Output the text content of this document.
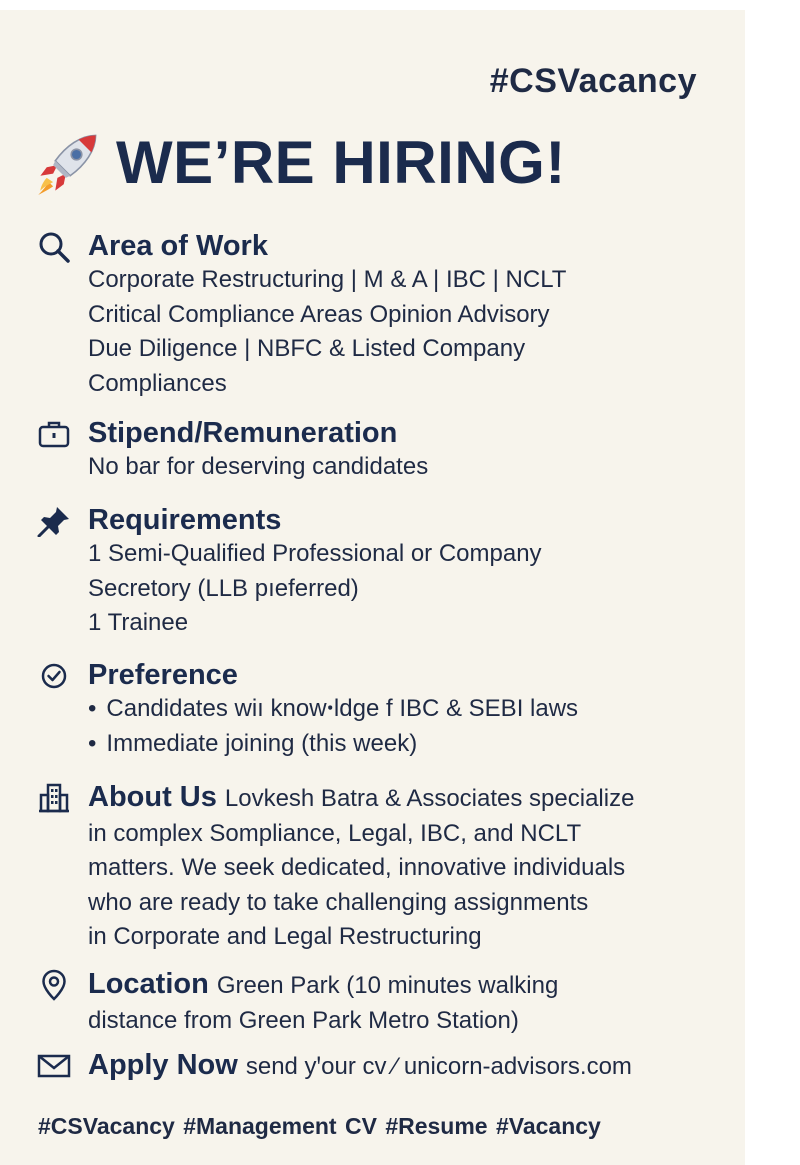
#CSVacancy
WE’RE HIRING!
Area of Work
Corporate Restructuring | M & A | IBC | NCLT
Critical Compliance Areas Opinion Advisory
Due Diligence | NBFC & Listed Company
Compliances
Stipend/Remuneration
No bar for deserving candidates
Requirements
1 Semi-Qualified Professional or Company
Secretory (LLB pıeferred)
1 Trainee
Preference
• Candidates wiı knowꞏldge f IBC & SEBI laws
• Immediate joining (this week)
About Us Lovkesh Batra & Associates specialize
in complex Sompliance, Legal, IBC, and NCLT
matters. We seek dedicated, innovative individuals
who are ready to take challenging assignments
in Corporate and Legal Restructuring
Location Green Park (10 minutes walking
distance from Green Park Metro Station)
Apply Now send yꞌour cv ⁄ unicorn-advisors.com
#CSVacancy #Management CV #Resume #Vacancy
